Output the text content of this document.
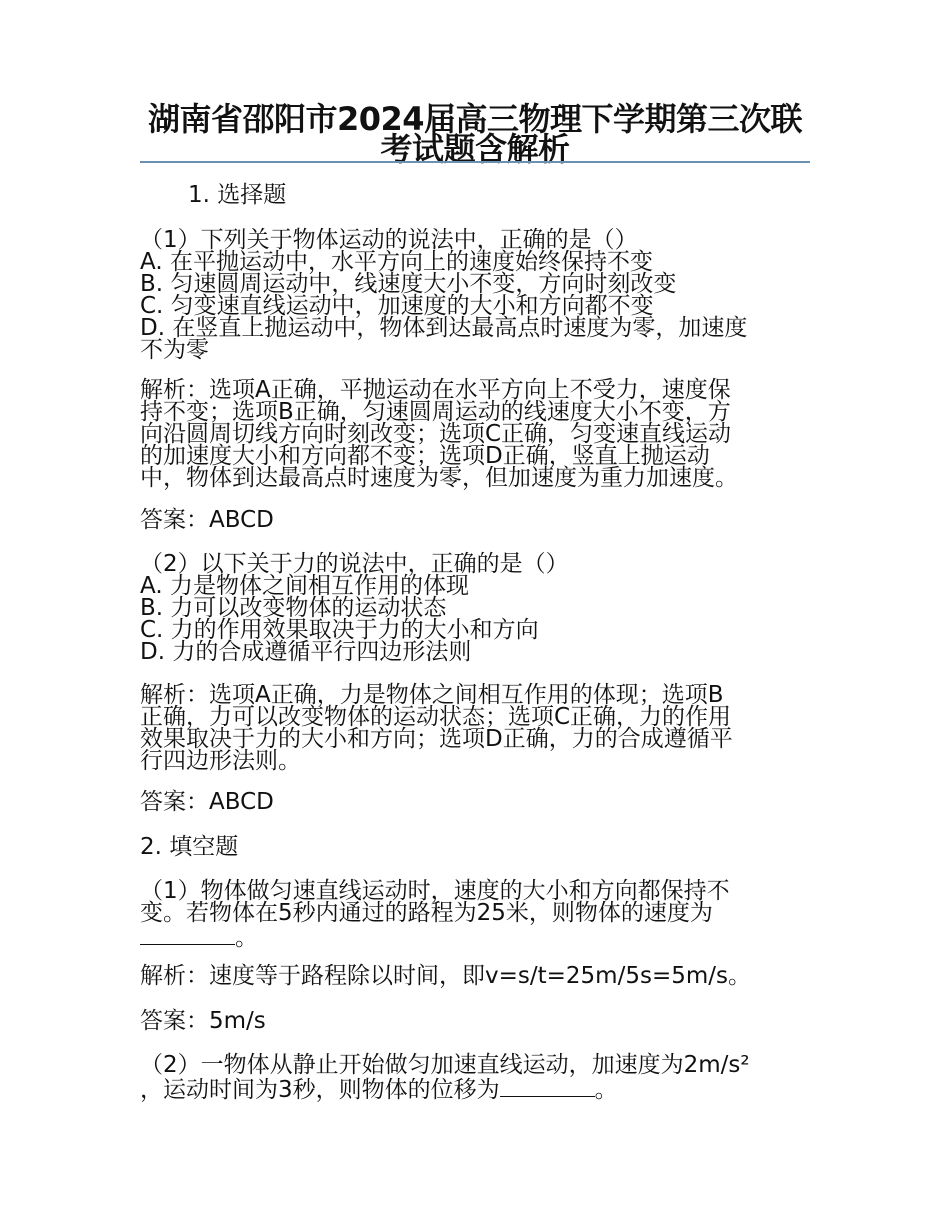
湖南省邵阳市2024届高三物理下学期第三次联考试题含解析
1. 选择题
（1）下列关于物体运动的说法中，正确的是（）
A. 在平抛运动中，水平方向上的速度始终保持不变
B. 匀速圆周运动中，线速度大小不变，方向时刻改变
C. 匀变速直线运动中，加速度的大小和方向都不变
D. 在竖直上抛运动中，物体到达最高点时速度为零，加速度
不为零
解析：选项A正确，平抛运动在水平方向上不受力，速度保
持不变；选项B正确，匀速圆周运动的线速度大小不变，方
向沿圆周切线方向时刻改变；选项C正确，匀变速直线运动
的加速度大小和方向都不变；选项D正确，竖直上抛运动
中，物体到达最高点时速度为零，但加速度为重力加速度。
答案：ABCD
（2）以下关于力的说法中，正确的是（）
A. 力是物体之间相互作用的体现
B. 力可以改变物体的运动状态
C. 力的作用效果取决于力的大小和方向
D. 力的合成遵循平行四边形法则
解析：选项A正确，力是物体之间相互作用的体现；选项B
正确，力可以改变物体的运动状态；选项C正确，力的作用
效果取决于力的大小和方向；选项D正确，力的合成遵循平
行四边形法则。
答案：ABCD
2. 填空题
（1）物体做匀速直线运动时，速度的大小和方向都保持不
变。若物体在5秒内通过的路程为25米，则物体的速度为
。
解析：速度等于路程除以时间，即v=s/t=25m/5s=5m/s。
答案：5m/s
（2）一物体从静止开始做匀加速直线运动，加速度为2m/s²
，运动时间为3秒，则物体的位移为	。
